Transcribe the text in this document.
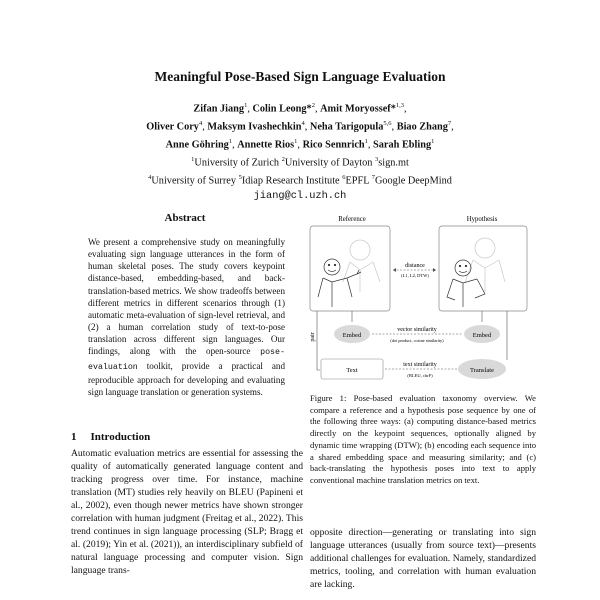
Meaningful Pose-Based Sign Language Evaluation
Zifan Jiang$^1$, Colin Leong*$^2$, Amit Moryossef*$^{1,3}$,
Oliver Cory$^4$, Maksym Ivashechkin$^4$, Neha Tarigopula$^{5,6}$, Biao Zhang$^7$,
Anne Göhring$^1$, Annette Rios$^1$, Rico Sennrich$^1$, Sarah Ebling$^1$
$^1$University of Zurich $^2$University of Dayton $^3$sign.mt
$^4$University of Surrey $^5$Idiap Research Institute $^6$EPFL $^7$Google DeepMind
jiang@cl.uzh.ch
Abstract
We present a comprehensive study on meaningfully evaluating sign language utterances in the form of human skeletal poses. The study covers keypoint distance-based, embedding-based, and back-translation-based metrics. We show tradeoffs between different metrics in different scenarios through (1) automatic meta-evaluation of sign-level retrieval, and (2) a human correlation study of text-to-pose translation across different sign languages. Our findings, along with the open-source pose-evaluation toolkit, provide a practical and reproducible approach for developing and evaluating sign language translation or generation systems.
1 Introduction
Automatic evaluation metrics are essential for assessing the quality of automatically generated language content and tracking progress over time. For instance, machine translation (MT) studies rely heavily on BLEU (Papineni et al., 2002), even though newer metrics have shown stronger correlation with human judgment (Freitag et al., 2022). This trend continues in sign language processing (SLP; Bragg et al. (2019); Yin et al. (2021)), an interdisciplinary subfield of natural language processing and computer vision. Sign language trans-
Reference	Hypothesis
distance
(L1, L2, DTW)
Embed	Embed
vector similarity
(dot product, cosine similarity)
pair
Text	Translate
text similarity
(BLEU, chrF)
Figure 1: Pose-based evaluation taxonomy overview. We compare a reference and a hypothesis pose sequence by one of the following three ways: (a) computing distance-based metrics directly on the keypoint sequences, optionally aligned by dynamic time wrapping (DTW); (b) encoding each sequence into a shared embedding space and measuring similarity; and (c) back-translating the hypothesis poses into text to apply conventional machine translation metrics on text.
opposite direction—generating or translating into sign language utterances (usually from source text)—presents additional challenges for evaluation. Namely, standardized metrics, tooling, and correlation with human evaluation are lacking.
